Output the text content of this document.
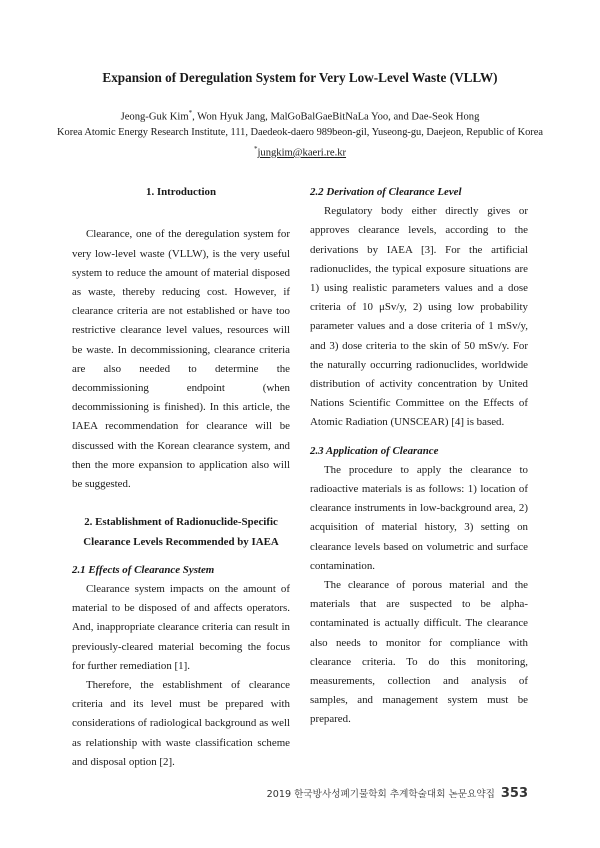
Expansion of Deregulation System for Very Low-Level Waste (VLLW)
Jeong-Guk Kim*, Won Hyuk Jang, MalGoBalGaeBitNaLa Yoo, and Dae-Seok Hong
Korea Atomic Energy Research Institute, 111, Daedeok-daero 989beon-gil, Yuseong-gu, Daejeon, Republic of Korea
*jungkim@kaeri.re.kr
1. Introduction

Clearance, one of the deregulation system for very low-level waste (VLLW), is the very useful system to reduce the amount of material disposed as waste, thereby reducing cost. However, if clearance criteria are not established or have too restrictive clearance level values, resources will be waste. In decommissioning, clearance criteria are also needed to determine the decommissioning endpoint (when decommissioning is finished). In this article, the IAEA recommendation for clearance will be discussed with the Korean clearance system, and then the more expansion to application also will be suggested.

2. Establishment of Radionuclide-Specific Clearance Levels Recommended by IAEA
2.1 Effects of Clearance System

Clearance system impacts on the amount of material to be disposed of and affects operators. And, inappropriate clearance criteria can result in previously-cleared material becoming the focus for further remediation [1].

Therefore, the establishment of clearance criteria and its level must be prepared with considerations of radiological background as well as relationship with waste classification scheme and disposal option [2].

2.2 Derivation of Clearance Level

Regulatory body either directly gives or approves clearance levels, according to the derivations by IAEA [3]. For the artificial radionuclides, the typical exposure situations are 1) using realistic parameters values and a dose criteria of 10 μSv/y, 2) using low probability parameter values and a dose criteria of 1 mSv/y, and 3) dose criteria to the skin of 50 mSv/y. For the naturally occurring radionuclides, worldwide distribution of activity concentration by United Nations Scientific Committee on the Effects of Atomic Radiation (UNSCEAR) [4] is based.

2.3 Application of Clearance

The procedure to apply the clearance to radioactive materials is as follows: 1) location of clearance instruments in low-background area, 2) acquisition of material history, 3) setting on clearance levels based on volumetric and surface contamination.

The clearance of porous material and the materials that are suspected to be alpha-contaminated is actually difficult. The clearance also needs to monitor for compliance with clearance criteria. To do this monitoring, measurements, collection and analysis of samples, and management system must be prepared.

2019 한국방사성폐기물학회 추계학술대회 논문요약집 353
